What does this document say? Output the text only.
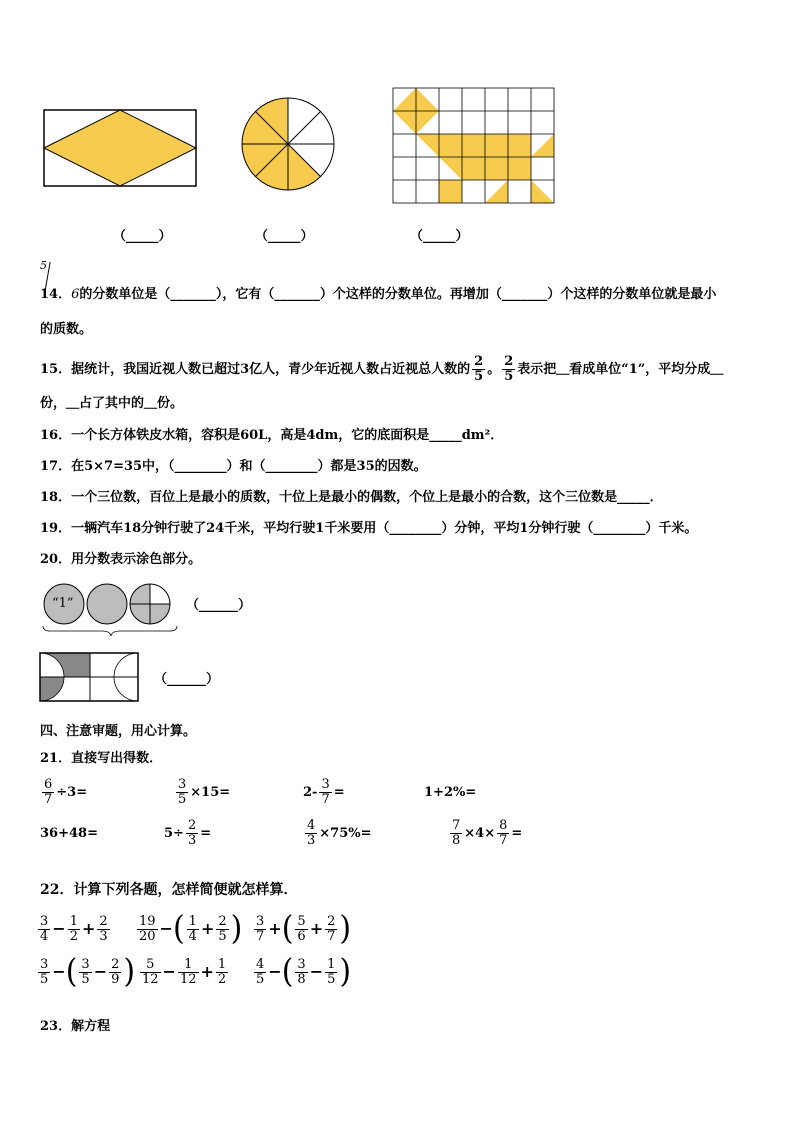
（_____）	（_____）	（_____）
5
14．6的分数单位是（_______），它有（_______）个这样的分数单位。再增加（_______）个这样的分数单位就是最小
的质数。
15．据统计，我国近视人数已超过3亿人，青少年近视人数占近视总人数的 $\frac{2}{5}$ 。 $\frac{2}{5}$ 表示把＿看成单位“1”，平均分成＿
份，＿占了其中的＿份。
16．一个长方体铁皮水箱，容积是60L，高是4dm，它的底面积是_____dm²．
17．在5×7=35中，（________）和（________）都是35的因数。
18．一个三位数，百位上是最小的质数，十位上是最小的偶数，个位上是最小的合数，这个三位数是_____．
19．一辆汽车18分钟行驶了24千米，平均行驶1千米要用（________）分钟，平均1分钟行驶（________）千米。
20．用分数表示涂色部分。
“1”	（______）
（______）
四、注意审题，用心计算。
21．直接写出得数．
$\frac{6}{7} \div 3=$	$\frac{3}{5} \times 15=$	$2- \frac{3}{7}$ =	1+2%=
36+48=	$5\div \frac{2}{3}$ =	$\frac{4}{3} \times 75\%=$	$\frac{7}{8} \times 4\times \frac{8}{7}$ =
22．计算下列各题，怎样简便就怎样算．
$\frac{3}{4} - \frac{1}{2} + \frac{2}{3} \frac{19}{20}$ −( $\frac{1}{4} + \frac{2}{5}$ ) $\frac{3}{7}$ +( $\frac{5}{6} + \frac{2}{7}$ )
$\frac{3}{5}$ −( $\frac{3}{5} - \frac{2}{9}$ ) $\frac{5}{12} - \frac{1}{12} + \frac{1}{2} \frac{4}{5}$ −( $\frac{3}{8} - \frac{1}{5}$ )
23．解方程
